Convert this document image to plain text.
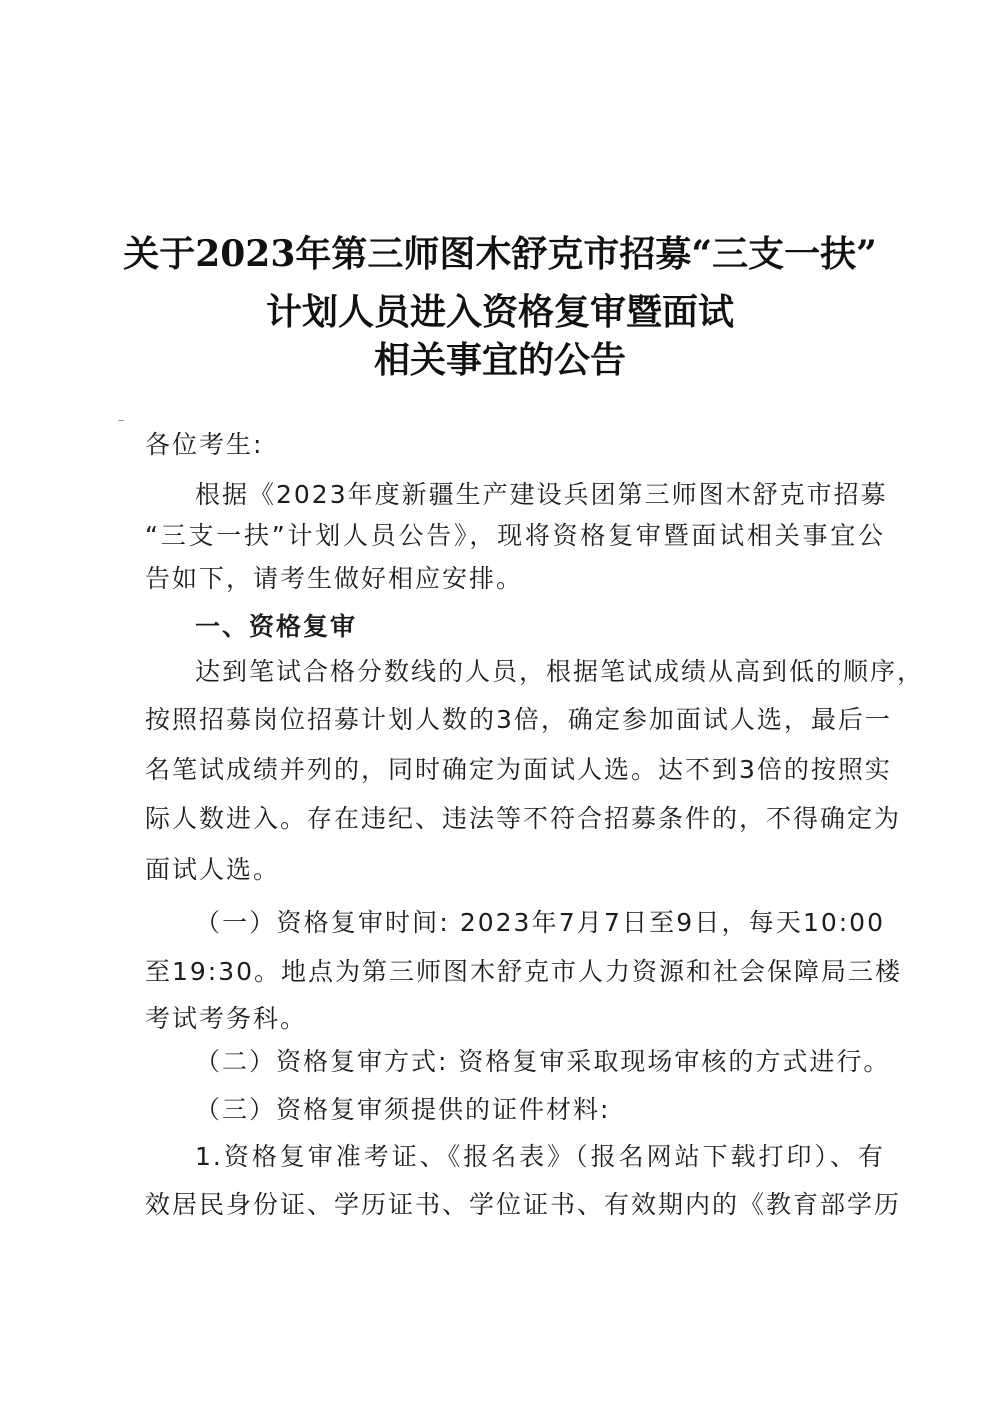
关于2023年第三师图木舒克市招募“三支一扶”
计划人员进入资格复审暨面试
相关事宜的公告
各位考生:
根据《2023年度新疆生产建设兵团第三师图木舒克市招募
“三支一扶”计划人员公告》，现将资格复审暨面试相关事宜公
告如下，请考生做好相应安排。
一、资格复审
达到笔试合格分数线的人员，根据笔试成绩从高到低的顺序，
按照招募岗位招募计划人数的3倍，确定参加面试人选，最后一
名笔试成绩并列的，同时确定为面试人选。达不到3倍的按照实
际人数进入。存在违纪、违法等不符合招募条件的，不得确定为
面试人选。
（一）资格复审时间: 2023年7月7日至9日，每天10:00
至19:30。地点为第三师图木舒克市人力资源和社会保障局三楼
考试考务科。
（二）资格复审方式: 资格复审采取现场审核的方式进行。
（三）资格复审须提供的证件材料:
1.资格复审准考证、《报名表》（报名网站下载打印）、有
效居民身份证、学历证书、学位证书、有效期内的《教育部学历
